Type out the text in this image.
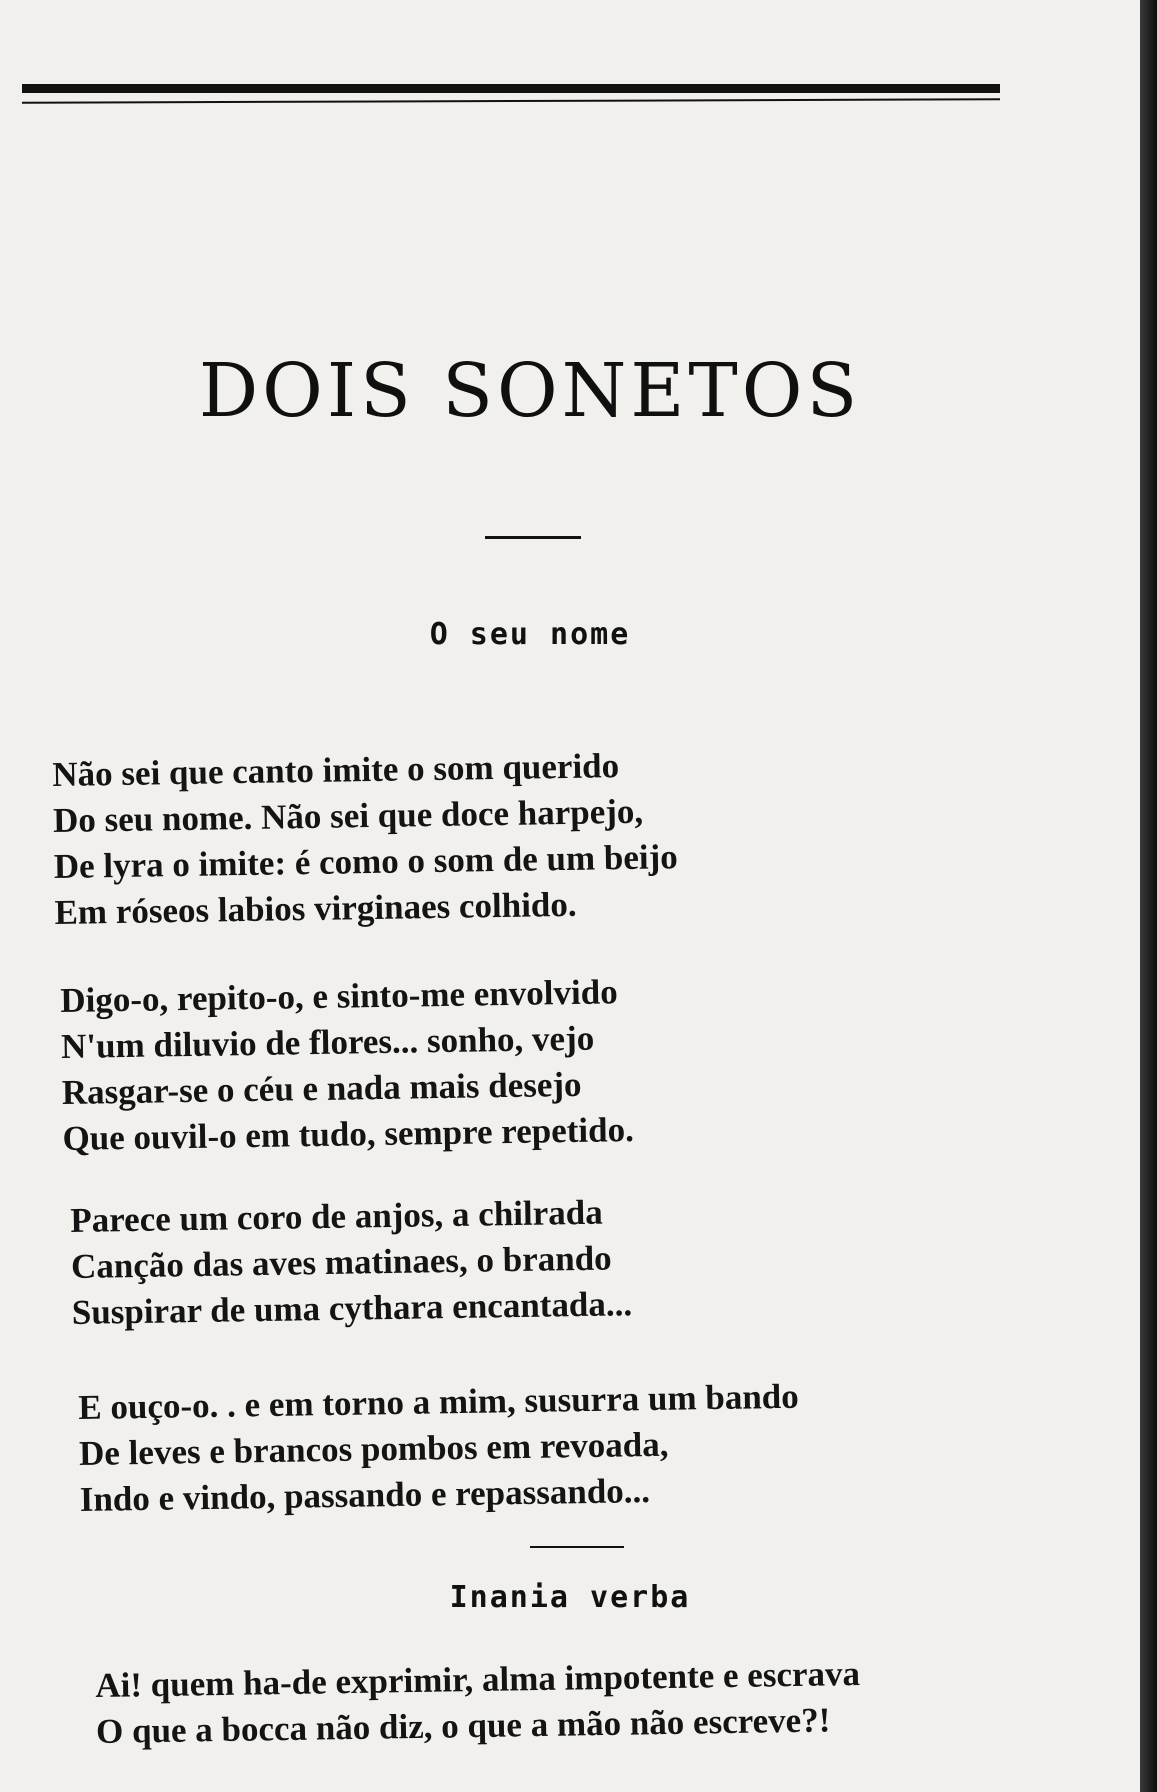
DOIS SONETOS
O seu nome
Não sei que canto imite o som querido
Do seu nome. Não sei que doce harpejo,
De lyra o imite: é como o som de um beijo
Em róseos labios virginaes colhido.
Digo-o, repito-o, e sinto-me envolvido
N'um diluvio de flores... sonho, vejo
Rasgar-se o céu e nada mais desejo
Que ouvil-o em tudo, sempre repetido.
Parece um coro de anjos, a chilrada
Canção das aves matinaes, o brando
Suspirar de uma cythara encantada...
E ouço-o. . e em torno a mim, susurra um bando
De leves e brancos pombos em revoada,
Indo e vindo, passando e repassando...
Inania verba
Ai! quem ha-de exprimir, alma impotente e escrava
O que a bocca não diz, o que a mão não escreve?!
